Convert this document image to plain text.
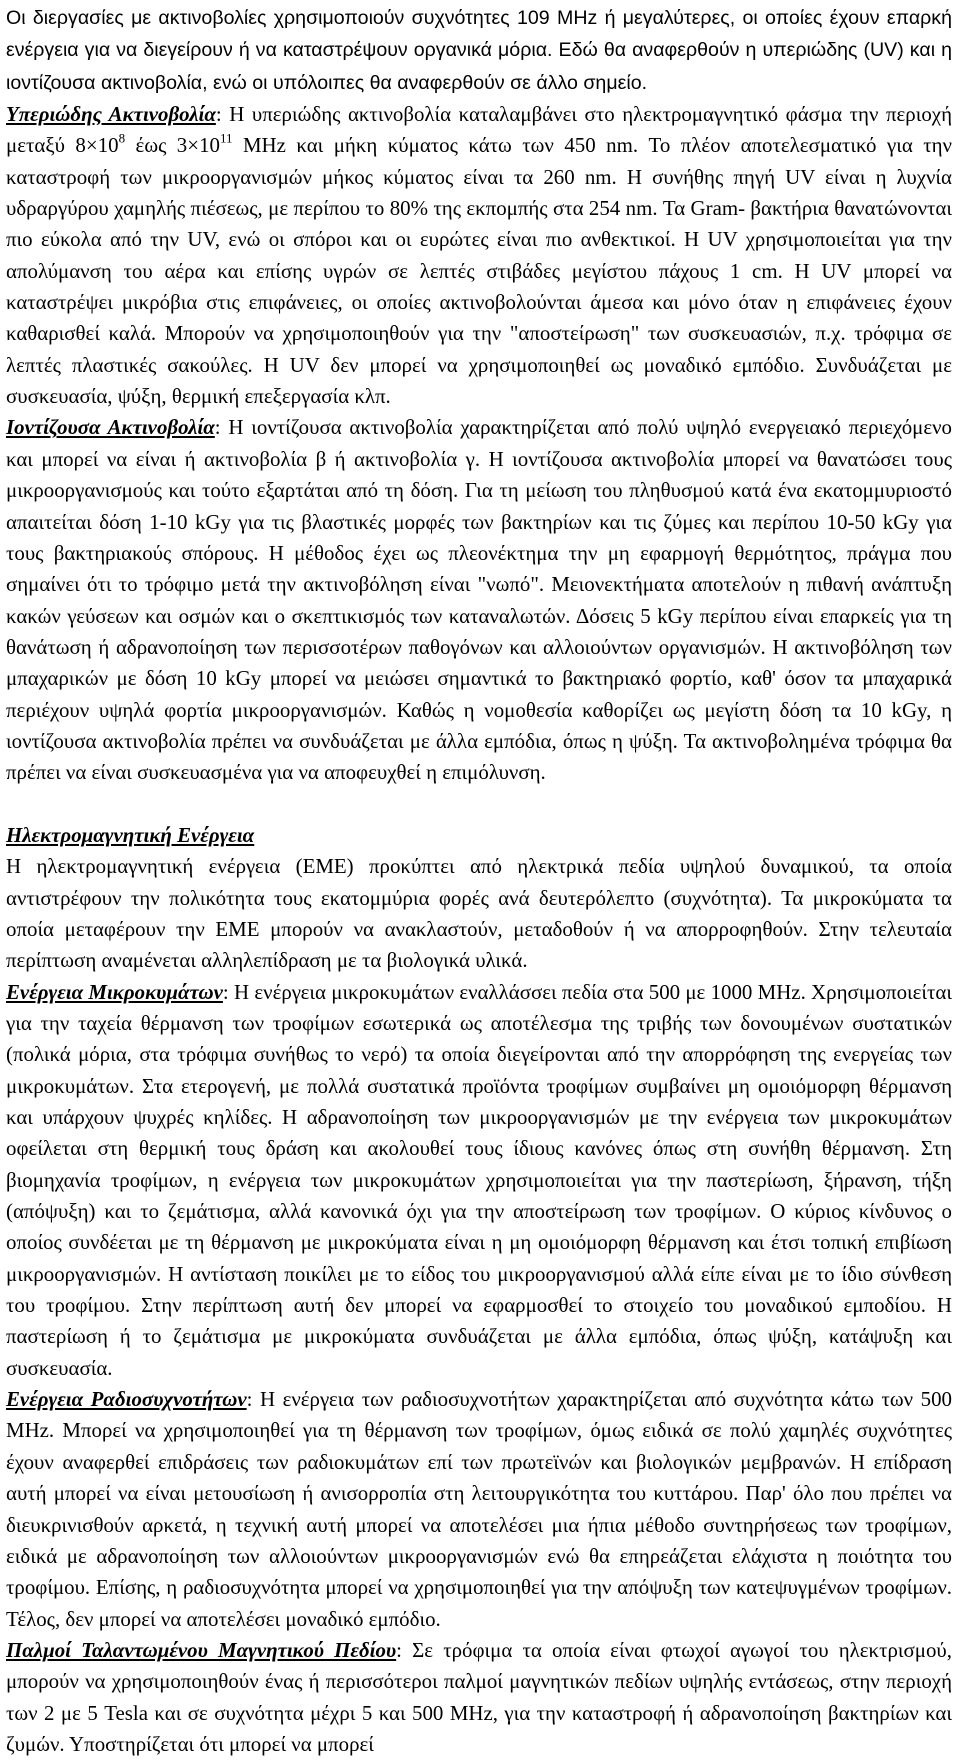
Οι διεργασίες με ακτινοβολίες χρησιμοποιούν συχνότητες 109 MHz ή μεγαλύτερες, οι οποίες έχουν επαρκή ενέργεια για να διεγείρουν ή να καταστρέψουν οργανικά μόρια. Εδώ θα αναφερθούν η υπεριώδης (UV) και η ιοντίζουσα ακτινοβολία, ενώ οι υπόλοιπες θα αναφερθούν σε άλλο σημείο.

Υπεριώδης Ακτινοβολία: Η υπεριώδης ακτινοβολία καταλαμβάνει στο ηλεκτρομαγνητικό φάσμα την περιοχή μεταξύ $8\times 10^8$ έως $3\times 10^{11}$ MHz και μήκη κύματος κάτω των 450 nm. Το πλέον αποτελεσματικό για την καταστροφή των μικροοργανισμών μήκος κύματος είναι τα 260 nm. Η συνήθης πηγή UV είναι η λυχνία υδραργύρου χαμηλής πιέσεως, με περίπου το 80% της εκπομπής στα 254 nm. Τα Gram- βακτήρια θανατώνονται πιο εύκολα από την UV, ενώ οι σπόροι και οι ευρώτες είναι πιο ανθεκτικοί. Η UV χρησιμοποιείται για την απολύμανση του αέρα και επίσης υγρών σε λεπτές στιβάδες μεγίστου πάχους 1 cm. Η UV μπορεί να καταστρέψει μικρόβια στις επιφάνειες, οι οποίες ακτινοβολούνται άμεσα και μόνο όταν η επιφάνειες έχουν καθαρισθεί καλά. Μπορούν να χρησιμοποιηθούν για την "αποστείρωση" των συσκευασιών, π.χ. τρόφιμα σε λεπτές πλαστικές σακούλες. Η UV δεν μπορεί να χρησιμοποιηθεί ως μοναδικό εμπόδιο. Συνδυάζεται με συσκευασία, ψύξη, θερμική επεξεργασία κλπ.

Ιοντίζουσα Ακτινοβολία: Η ιοντίζουσα ακτινοβολία χαρακτηρίζεται από πολύ υψηλό ενεργειακό περιεχόμενο και μπορεί να είναι ή ακτινοβολία β ή ακτινοβολία γ. Η ιοντίζουσα ακτινοβολία μπορεί να θανατώσει τους μικροοργανισμούς και τούτο εξαρτάται από τη δόση. Για τη μείωση του πληθυσμού κατά ένα εκατομμυριοστό απαιτείται δόση 1-10 kGy για τις βλαστικές μορφές των βακτηρίων και τις ζύμες και περίπου 10-50 kGy για τους βακτηριακούς σπόρους. Η μέθοδος έχει ως πλεονέκτημα την μη εφαρμογή θερμότητος, πράγμα που σημαίνει ότι το τρόφιμο μετά την ακτινοβόληση είναι "νωπό". Μειονεκτήματα αποτελούν η πιθανή ανάπτυξη κακών γεύσεων και οσμών και ο σκεπτικισμός των καταναλωτών. Δόσεις 5 kGy περίπου είναι επαρκείς για τη θανάτωση ή αδρανοποίηση των περισσοτέρων παθογόνων και αλλοιούντων οργανισμών. Η ακτινοβόληση των μπαχαρικών με δόση 10 kGy μπορεί να μειώσει σημαντικά το βακτηριακό φορτίο, καθ' όσον τα μπαχαρικά περιέχουν υψηλά φορτία μικροοργανισμών. Καθώς η νομοθεσία καθορίζει ως μεγίστη δόση τα 10 kGy, η ιοντίζουσα ακτινοβολία πρέπει να συνδυάζεται με άλλα εμπόδια, όπως η ψύξη. Τα ακτινοβολημένα τρόφιμα θα πρέπει να είναι συσκευασμένα για να αποφευχθεί η επιμόλυνση.

Ηλεκτρομαγνητική Ενέργεια

Η ηλεκτρομαγνητική ενέργεια (ΕΜΕ) προκύπτει από ηλεκτρικά πεδία υψηλού δυναμικού, τα οποία αντιστρέφουν την πολικότητα τους εκατομμύρια φορές ανά δευτερόλεπτο (συχνότητα). Τα μικροκύματα τα οποία μεταφέρουν την ΕΜΕ μπορούν να ανακλαστούν, μεταδοθούν ή να απορροφηθούν. Στην τελευταία περίπτωση αναμένεται αλληλεπίδραση με τα βιολογικά υλικά.

Ενέργεια Μικροκυμάτων: Η ενέργεια μικροκυμάτων εναλλάσσει πεδία στα 500 με 1000 MHz. Χρησιμοποιείται για την ταχεία θέρμανση των τροφίμων εσωτερικά ως αποτέλεσμα της τριβής των δονουμένων συστατικών (πολικά μόρια, στα τρόφιμα συνήθως το νερό) τα οποία διεγείρονται από την απορρόφηση της ενεργείας των μικροκυμάτων. Στα ετερογενή, με πολλά συστατικά προϊόντα τροφίμων συμβαίνει μη ομοιόμορφη θέρμανση και υπάρχουν ψυχρές κηλίδες. Η αδρανοποίηση των μικροοργανισμών με την ενέργεια των μικροκυμάτων οφείλεται στη θερμική τους δράση και ακολουθεί τους ίδιους κανόνες όπως στη συνήθη θέρμανση. Στη βιομηχανία τροφίμων, η ενέργεια των μικροκυμάτων χρησιμοποιείται για την παστερίωση, ξήρανση, τήξη (απόψυξη) και το ζεμάτισμα, αλλά κανονικά όχι για την αποστείρωση των τροφίμων. Ο κύριος κίνδυνος ο οποίος συνδέεται με τη θέρμανση με μικροκύματα είναι η μη ομοιόμορφη θέρμανση και έτσι τοπική επιβίωση μικροοργανισμών. Η αντίσταση ποικίλει με το είδος του μικροοργανισμού αλλά είπε είναι με το ίδιο σύνθεση του τροφίμου. Στην περίπτωση αυτή δεν μπορεί να εφαρμοσθεί το στοιχείο του μοναδικού εμποδίου. Η παστερίωση ή το ζεμάτισμα με μικροκύματα συνδυάζεται με άλλα εμπόδια, όπως ψύξη, κατάψυξη και συσκευασία.

Ενέργεια Ραδιοσυχνοτήτων: Η ενέργεια των ραδιοσυχνοτήτων χαρακτηρίζεται από συχνότητα κάτω των 500 MHz. Μπορεί να χρησιμοποιηθεί για τη θέρμανση των τροφίμων, όμως ειδικά σε πολύ χαμηλές συχνότητες έχουν αναφερθεί επιδράσεις των ραδιοκυμάτων επί των πρωτεϊνών και βιολογικών μεμβρανών. Η επίδραση αυτή μπορεί να είναι μετουσίωση ή ανισορροπία στη λειτουργικότητα του κυττάρου. Παρ' όλο που πρέπει να διευκρινισθούν αρκετά, η τεχνική αυτή μπορεί να αποτελέσει μια ήπια μέθοδο συντηρήσεως των τροφίμων, ειδικά με αδρανοποίηση των αλλοιούντων μικροοργανισμών ενώ θα επηρεάζεται ελάχιστα η ποιότητα του τροφίμου. Επίσης, η ραδιοσυχνότητα μπορεί να χρησιμοποιηθεί για την απόψυξη των κατεψυγμένων τροφίμων. Τέλος, δεν μπορεί να αποτελέσει μοναδικό εμπόδιο.

Παλμοί Ταλαντωμένου Μαγνητικού Πεδίου: Σε τρόφιμα τα οποία είναι φτωχοί αγωγοί του ηλεκτρισμού, μπορούν να χρησιμοποιηθούν ένας ή περισσότεροι παλμοί μαγνητικών πεδίων υψηλής εντάσεως, στην περιοχή των 2 με 5 Tesla και σε συχνότητα μέχρι 5 και 500 MHz, για την καταστροφή ή αδρανοποίηση βακτηρίων και ζυμών. Υποστηρίζεται ότι μπορεί να μπορεί
